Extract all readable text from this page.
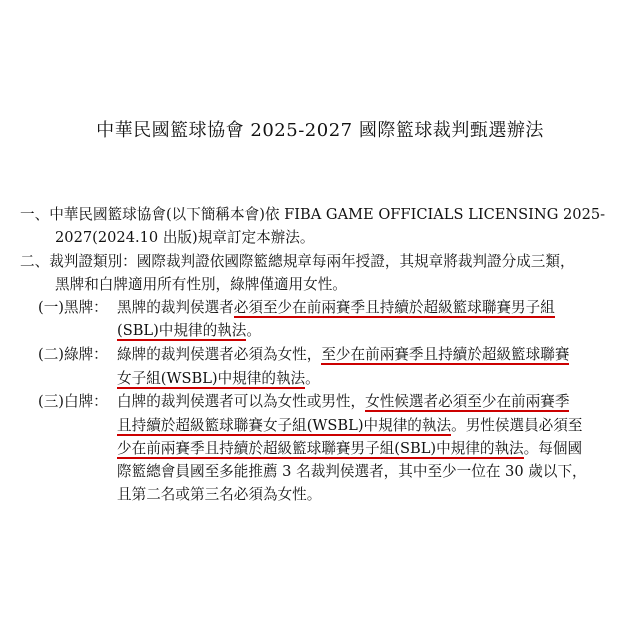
中華民國籃球協會 2025-2027 國際籃球裁判甄選辦法
一、中華民國籃球協會(以下簡稱本會)依 FIBA GAME OFFICIALS LICENSING 2025-
2027(2024.10 出版)規章訂定本辦法。
二、裁判證類別：國際裁判證依國際籃總規章每兩年授證，其規章將裁判證分成三類，
黑牌和白牌適用所有性別，綠牌僅適用女性。
(一)黑牌： 黑牌的裁判侯選者必須至少在前兩賽季且持續於超級籃球聯賽男子組
(SBL)中規律的執法。
(二)綠牌： 綠牌的裁判侯選者必須為女性，至少在前兩賽季且持續於超級籃球聯賽
女子組(WSBL)中規律的執法。
(三)白牌： 白牌的裁判侯選者可以為女性或男性，女性候選者必須至少在前兩賽季
且持續於超級籃球聯賽女子組(WSBL)中規律的執法。男性侯選員必須至
少在前兩賽季且持續於超級籃球聯賽男子組(SBL)中規律的執法。每個國
際籃總會員國至多能推薦 3 名裁判侯選者，其中至少一位在 30 歲以下，
且第二名或第三名必須為女性。
